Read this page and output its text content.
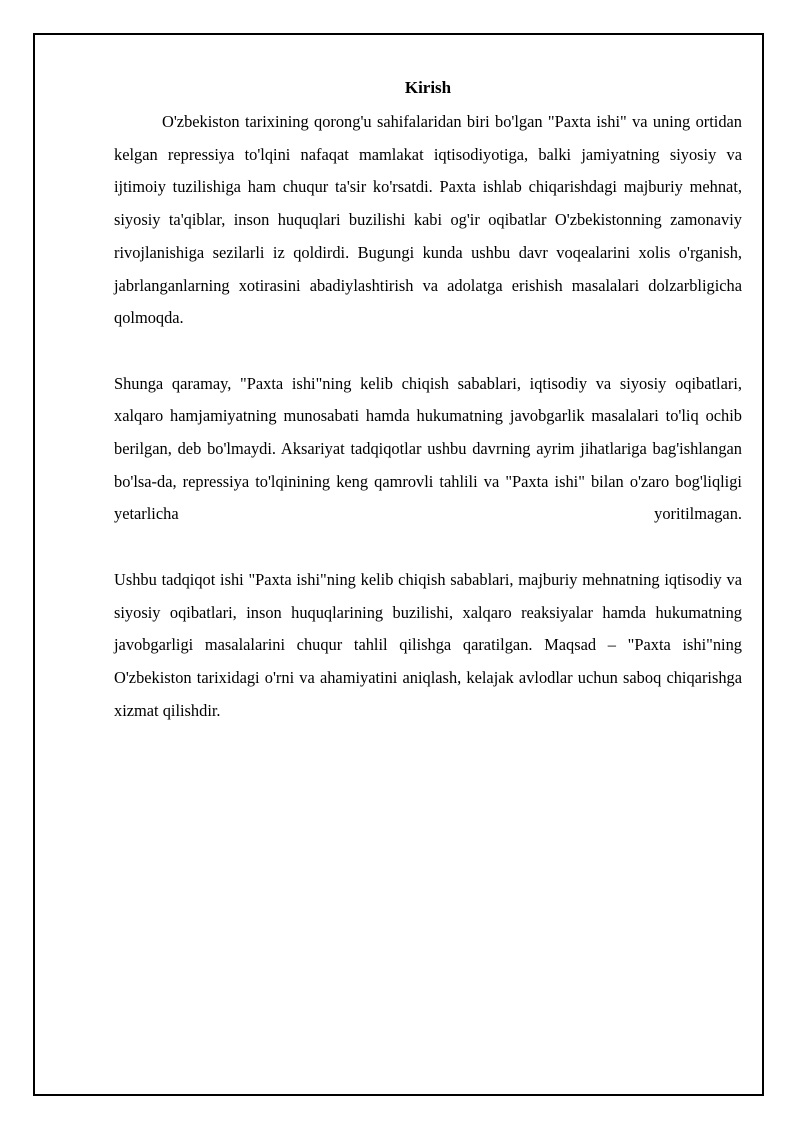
Kirish

O'zbekiston tarixining qorong'u sahifalaridan biri bo'lgan "Paxta ishi" va uning ortidan kelgan repressiya to'lqini nafaqat mamlakat iqtisodiyotiga, balki jamiyatning siyosiy va ijtimoiy tuzilishiga ham chuqur ta'sir ko'rsatdi. Paxta ishlab chiqarishdagi majburiy mehnat, siyosiy ta'qiblar, inson huquqlari buzilishi kabi og'ir oqibatlar O'zbekistonning zamonaviy rivojlanishiga sezilarli iz qoldirdi. Bugungi kunda ushbu davr voqealarini xolis o'rganish, jabrlanganlarning xotirasini abadiylashtirish va adolatga erishish masalalari dolzarbligicha qolmoqda.

Shunga qaramay, "Paxta ishi"ning kelib chiqish sabablari, iqtisodiy va siyosiy oqibatlari, xalqaro hamjamiyatning munosabati hamda hukumatning javobgarlik masalalari to'liq ochib berilgan, deb bo'lmaydi. Aksariyat tadqiqotlar ushbu davrning ayrim jihatlariga bag'ishlangan bo'lsa-da, repressiya to'lqinining keng qamrovli tahlili va "Paxta ishi" bilan o'zaro bog'liqligi yetarlicha yoritilmagan.

Ushbu tadqiqot ishi "Paxta ishi"ning kelib chiqish sabablari, majburiy mehnatning iqtisodiy va siyosiy oqibatlari, inson huquqlarining buzilishi, xalqaro reaksiyalar hamda hukumatning javobgarligi masalalarini chuqur tahlil qilishga qaratilgan. Maqsad – "Paxta ishi"ning O'zbekiston tarixidagi o'rni va ahamiyatini aniqlash, kelajak avlodlar uchun saboq chiqarishga xizmat qilishdir.
